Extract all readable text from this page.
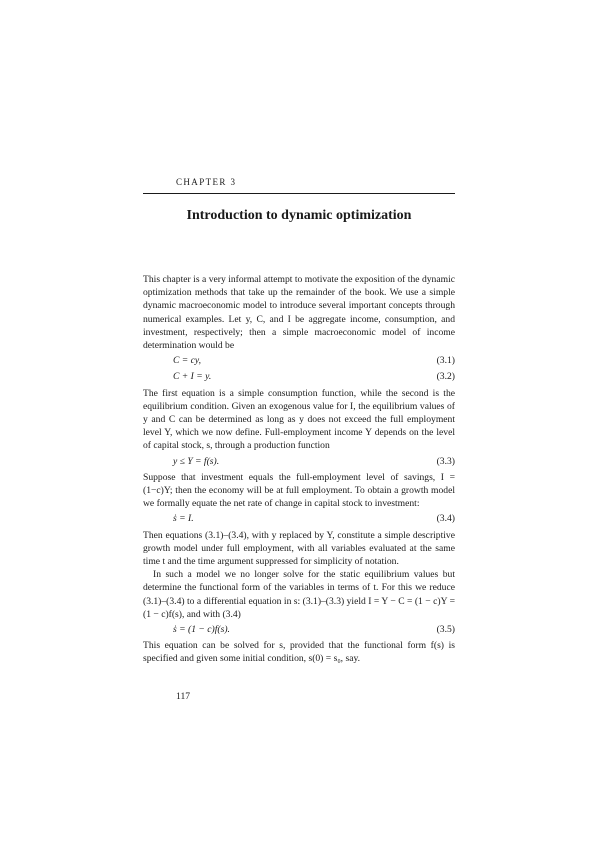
CHAPTER 3
Introduction to dynamic optimization

This chapter is a very informal attempt to motivate the exposition of the dynamic optimization methods that take up the remainder of the book. We use a simple dynamic macroeconomic model to introduce several important concepts through numerical examples. Let y, C, and I be aggregate income, consumption, and investment, respectively; then a simple macroeconomic model of income determination would be

C = cy,	(3.1)
C + I = y.	(3.2)

The first equation is a simple consumption function, while the second is the equilibrium condition. Given an exogenous value for I, the equilibrium values of y and C can be determined as long as y does not exceed the full employment level Y, which we now define. Full-employment income Y depends on the level of capital stock, s, through a production function

y ≤ Y = f(s).	(3.3)

Suppose that investment equals the full-employment level of savings, I = (1−c)Y; then the economy will be at full employment. To obtain a growth model we formally equate the net rate of change in capital stock to investment:

ṡ = I.	(3.4)

Then equations (3.1)–(3.4), with y replaced by Y, constitute a simple descriptive growth model under full employment, with all variables evaluated at the same time t and the time argument suppressed for simplicity of notation.

In such a model we no longer solve for the static equilibrium values but determine the functional form of the variables in terms of t. For this we reduce (3.1)–(3.4) to a differential equation in s: (3.1)–(3.3) yield I = Y − C = (1 − c)Y = (1 − c)f(s), and with (3.4)

ṡ = (1 − c)f(s).	(3.5)

This equation can be solved for s, provided that the functional form f(s) is specified and given some initial condition, s(0) = s₀, say.

117
